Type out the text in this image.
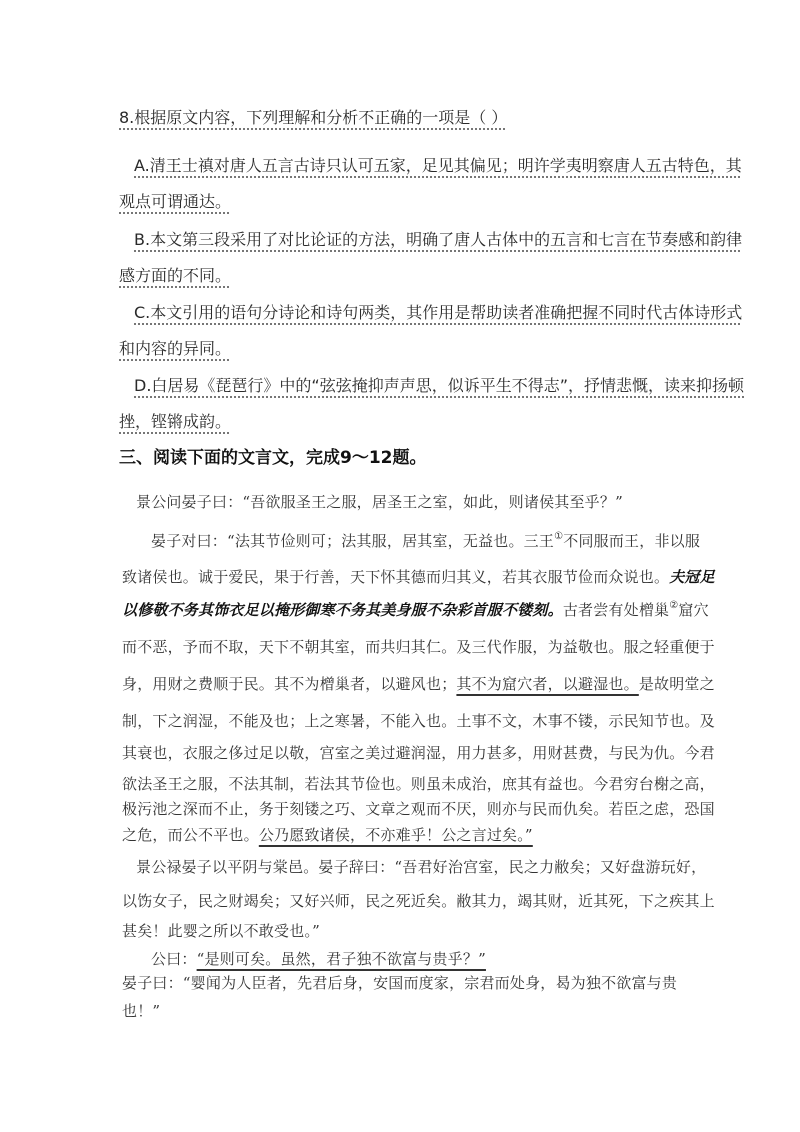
8.根据原文内容，下列理解和分析不正确的一项是（ ）
A.清王士禛对唐人五言古诗只认可五家，足见其偏见；明许学夷明察唐人五古特色，其
观点可谓通达。
B.本文第三段采用了对比论证的方法，明确了唐人古体中的五言和七言在节奏感和韵律
感方面的不同。
C.本文引用的语句分诗论和诗句两类，其作用是帮助读者准确把握不同时代古体诗形式
和内容的异同。
D.白居易《琵琶行》中的“弦弦掩抑声声思，似诉平生不得志”，抒情悲慨，读来抑扬顿
挫，铿锵成韵。
三、阅读下面的文言文，完成9～12题。
景公问晏子曰：“吾欲服圣王之服，居圣王之室，如此，则诸侯其至乎？”
晏子对曰：“法其节俭则可；法其服，居其室，无益也。三王①不同服而王，非以服
致诸侯也。诚于爱民，果于行善，天下怀其德而归其义，若其衣服节俭而众说也。夫冠足
以修敬不务其饰衣足以掩形御寒不务其美身服不杂彩首服不镂刻。古者尝有处橧巢②窟穴
而不恶，予而不取，天下不朝其室，而共归其仁。及三代作服，为益敬也。服之轻重便于
身，用财之费顺于民。其不为橧巢者，以避风也；其不为窟穴者，以避湿也。是故明堂之
制，下之润湿，不能及也；上之寒暑，不能入也。土事不文，木事不镂，示民知节也。及
其衰也，衣服之侈过足以敬，宫室之美过避润湿，用力甚多，用财甚费，与民为仇。今君
欲法圣王之服，不法其制，若法其节俭也。则虽未成治，庶其有益也。今君穷台榭之高，
极污池之深而不止，务于刻镂之巧、文章之观而不厌，则亦与民而仇矣。若臣之虑，恐国
之危，而公不平也。公乃愿致诸侯，不亦难乎！公之言过矣。”
景公禄晏子以平阴与棠邑。晏子辞曰：“吾君好治宫室，民之力敝矣；又好盘游玩好，
以饬女子，民之财竭矣；又好兴师，民之死近矣。敝其力，竭其财，近其死，下之疾其上
甚矣！此婴之所以不敢受也。”
公曰：“是则可矣。虽然，君子独不欲富与贵乎？”
晏子曰：“婴闻为人臣者，先君后身，安国而度家，宗君而处身，曷为独不欲富与贵
也！”
